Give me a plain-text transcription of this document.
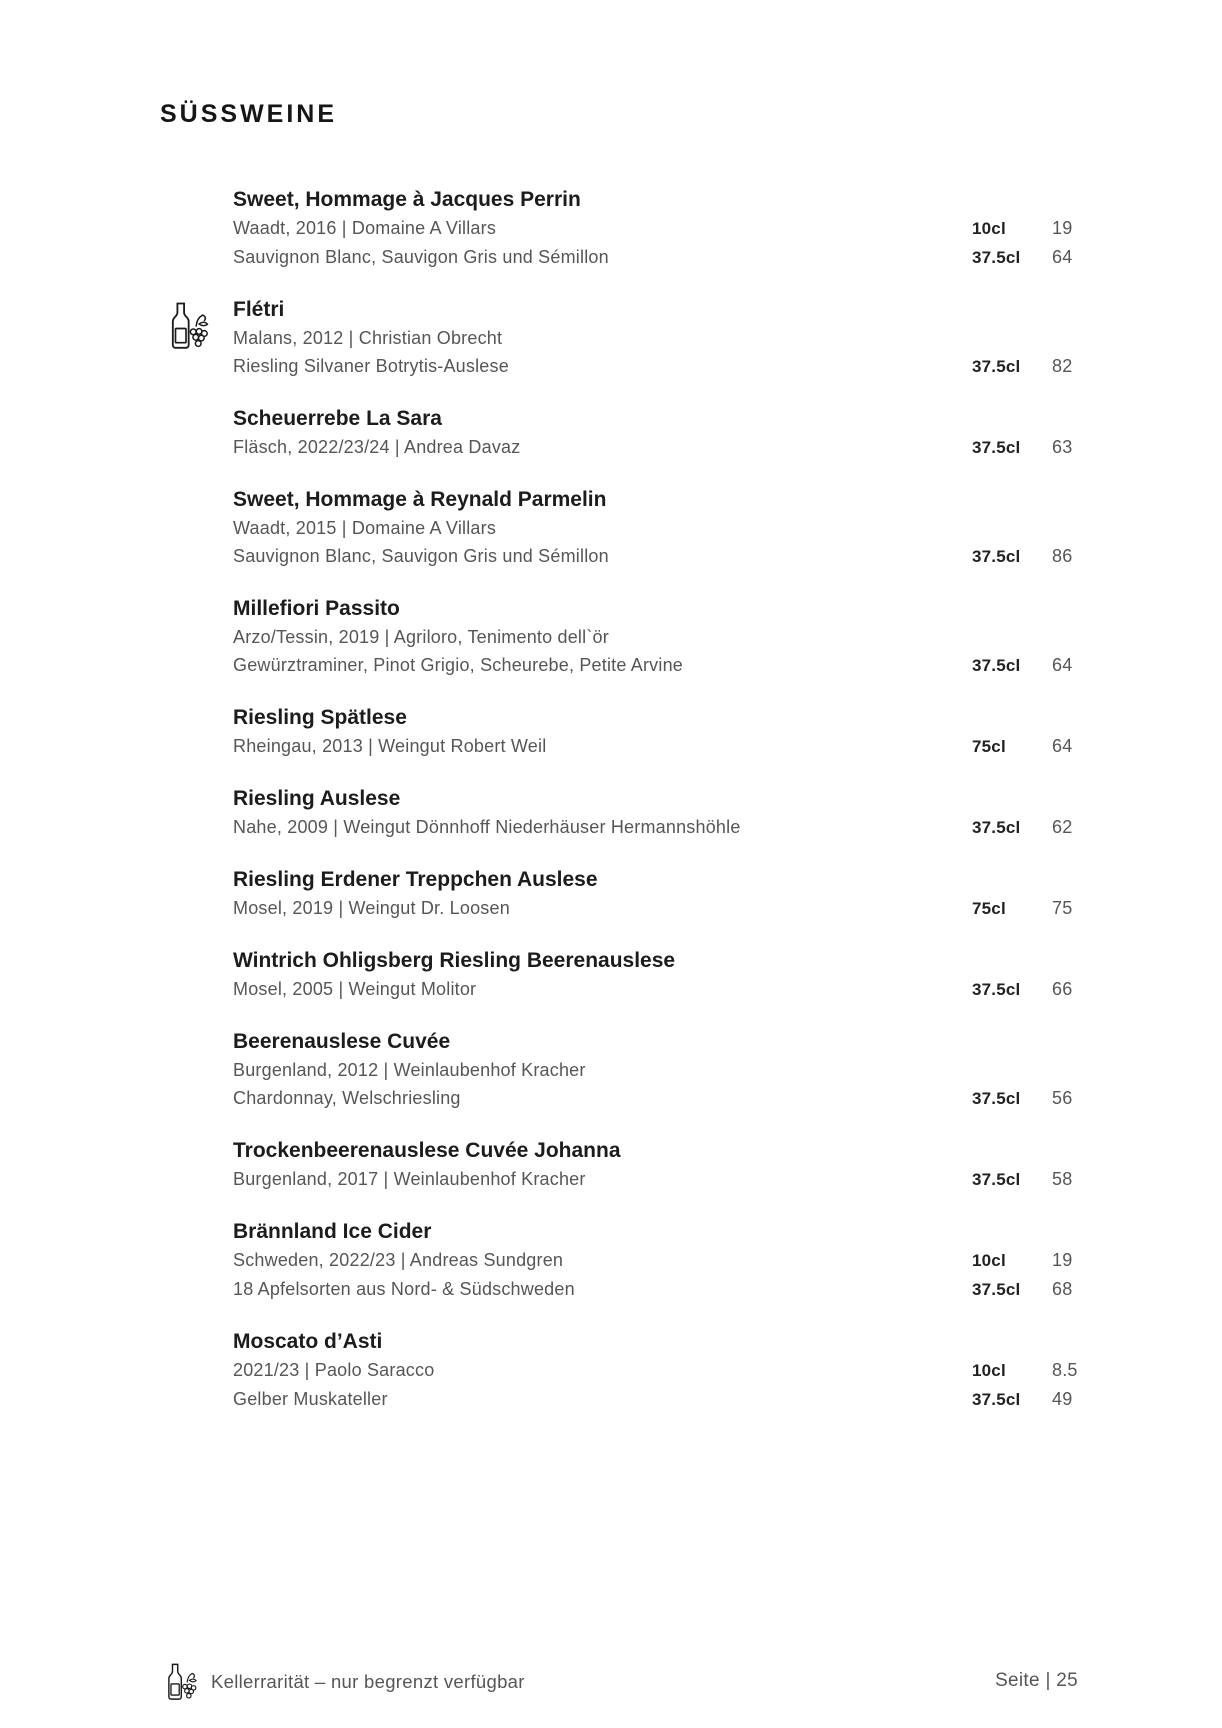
SÜSSWEINE
Sweet, Hommage à Jacques Perrin
Waadt, 2016 | Domaine A Villars	10cl	19
Sauvignon Blanc, Sauvigon Gris und Sémillon	37.5cl	64
Flétri
Malans, 2012 | Christian Obrecht
Riesling Silvaner Botrytis-Auslese	37.5cl	82
Scheuerrebe La Sara
Fläsch, 2022/23/24 | Andrea Davaz	37.5cl	63
Sweet, Hommage à Reynald Parmelin
Waadt, 2015 | Domaine A Villars
Sauvignon Blanc, Sauvigon Gris und Sémillon	37.5cl	86
Millefiori Passito
Arzo/Tessin, 2019 | Agriloro, Tenimento dell`ör
Gewürztraminer, Pinot Grigio, Scheurebe, Petite Arvine	37.5cl	64
Riesling Spätlese
Rheingau, 2013 | Weingut Robert Weil	75cl	64
Riesling Auslese
Nahe, 2009 | Weingut Dönnhoff Niederhäuser Hermannshöhle	37.5cl	62
Riesling Erdener Treppchen Auslese
Mosel, 2019 | Weingut Dr. Loosen	75cl	75
Wintrich Ohligsberg Riesling Beerenauslese
Mosel, 2005 | Weingut Molitor	37.5cl	66
Beerenauslese Cuvée
Burgenland, 2012 | Weinlaubenhof Kracher
Chardonnay, Welschriesling	37.5cl	56
Trockenbeerenauslese Cuvée Johanna
Burgenland, 2017 | Weinlaubenhof Kracher	37.5cl	58
Brännland Ice Cider
Schweden, 2022/23 | Andreas Sundgren	10cl	19
18 Apfelsorten aus Nord- & Südschweden	37.5cl	68
Moscato d’Asti
2021/23 | Paolo Saracco	10cl	8.5
Gelber Muskateller	37.5cl	49
Kellerrarität – nur begrenzt verfügbar	Seite | 25
